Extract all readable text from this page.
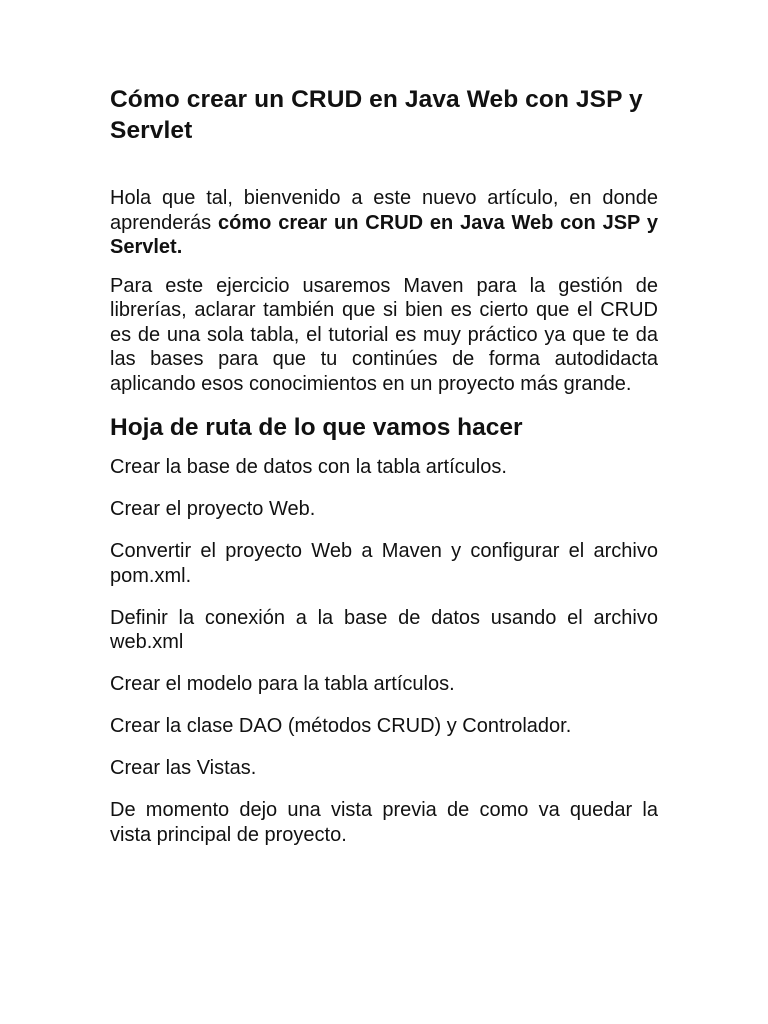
Cómo crear un CRUD en Java Web con JSP y Servlet

Hola que tal, bienvenido a este nuevo artículo, en donde aprenderás cómo crear un CRUD en Java Web con JSP y Servlet.

Para este ejercicio usaremos Maven para la gestión de librerías, aclarar también que si bien es cierto que el CRUD es de una sola tabla, el tutorial es muy práctico ya que te da las bases para que tu continúes de forma autodidacta aplicando esos conocimientos en un proyecto más grande.

Hoja de ruta de lo que vamos hacer

Crear la base de datos con la tabla artículos.

Crear el proyecto Web.

Convertir el proyecto Web a Maven y configurar el archivo pom.xml.

Definir la conexión a la base de datos usando el archivo web.xml

Crear el modelo para la tabla artículos.

Crear la clase DAO (métodos CRUD) y Controlador.

Crear las Vistas.

De momento dejo una vista previa de como va quedar la vista principal de proyecto.
